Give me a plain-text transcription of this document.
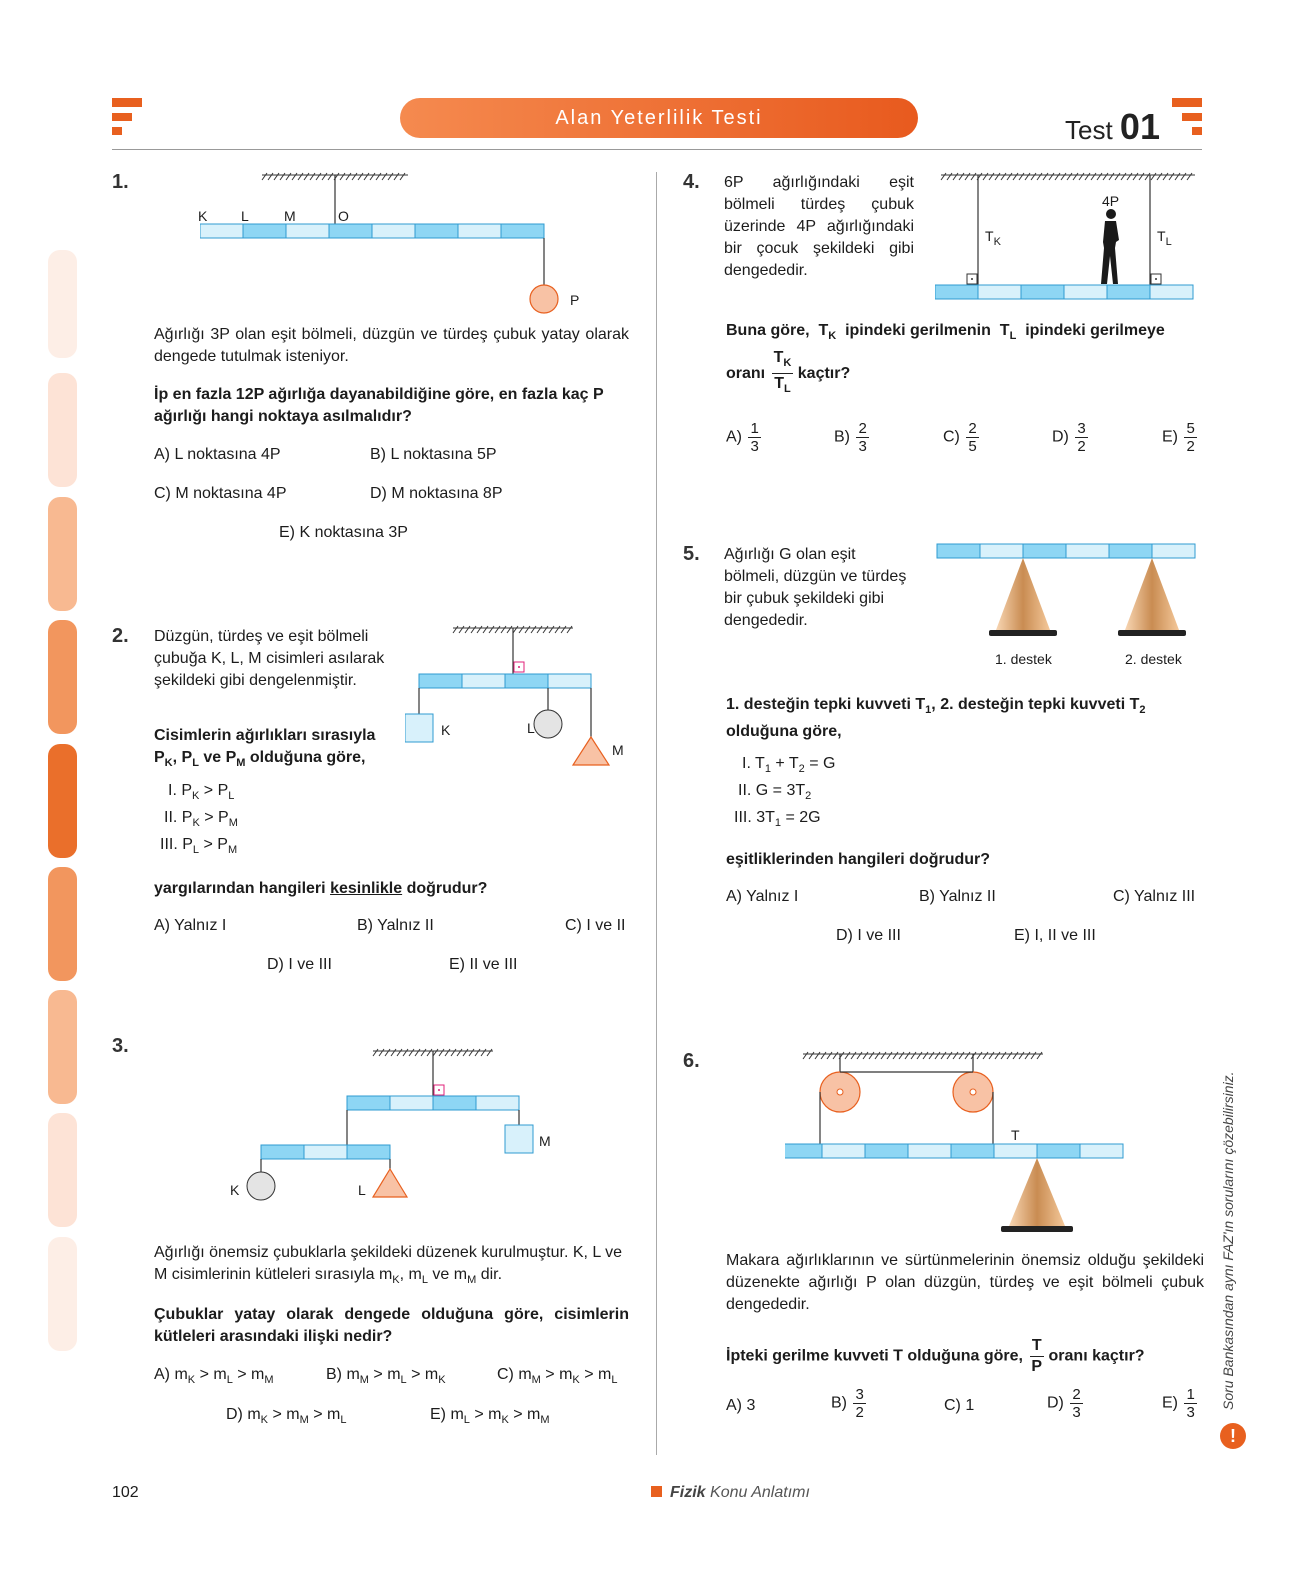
Alan Yeterlilik Testi	Test 01
1.
K L	M	O
P
Ağırlığı 3P olan eşit bölmeli, düzgün ve türdeş çubuk yatay olarak dengede tutulmak isteniyor.
İp en fazla 12P ağırlığa dayanabildiğine göre, en fazla kaç P ağırlığı hangi noktaya asılmalıdır?
A) L noktasına 4P	B) L noktasına 5P
C) M noktasına 4P	D) M noktasına 8P
E) K noktasına 3P
2. Düzgün, türdeş ve eşit bölmeli çubuğa K, L, M cisimleri asılarak şekildeki gibi dengelenmiştir.
K	L
M
Cisimlerin ağırlıkları sırasıyla
$P_K$, $P_L$ ve $P_M$ olduğuna göre,
I. $P_K > P_L$
II. $P_K > P_M$
III. $P_L > P_M$
yargılarından hangileri kesinlikle doğrudur?
A) Yalnız I	B) Yalnız II	C) I ve II
D) I ve III	E) II ve III
3.
K	L
M
Ağırlığı önemsiz çubuklarla şekildeki düzenek kurulmuştur. K, L ve M cisimlerinin kütleleri sırasıyla $m_K$, $m_L$ ve $m_M$ dir.
Çubuklar yatay olarak dengede olduğuna göre, cisimlerin kütleleri arasındaki ilişki nedir?
A) $m_K > m_L > m_M$	B) $m_M > m_L > m_K$	C) $m_M > m_K > m_L$
D) $m_K > m_M > m_L$	E) $m_L > m_K > m_M$
4. 6P ağırlığındaki eşit bölmeli türdeş çubuk üzerinde 4P ağırlığındaki bir çocuk şekildeki gibi dengededir.
4P
$T_K$	$T_L$
Buna göre,  $T_K$ ipindeki gerilmenin  $T_L$ ipindeki gerilmeye
oranı $\frac{T_K}{T_L}$ kaçtır?
$A) \frac{1}{3}$	$B) \frac{2}{3}$	$C) \frac{2}{5}$	$D) \frac{3}{2}$	$E) \frac{5}{2}$
5. Ağırlığı G olan eşit bölmeli, düzgün ve türdeş bir çubuk şekildeki gibi dengededir.
1. destek	2. destek
1. desteğin tepki kuvveti $T_1$, 2. desteğin tepki kuvveti $T_2$ olduğuna göre,
I. $T_1 + T_2 = G$
II. $G = 3T_2$
III. $3T_1 = 2G$
eşitliklerinden hangileri doğrudur?
A) Yalnız I	B) Yalnız II	C) Yalnız III
D) I ve III	E) I, II ve III
6.
T
Makara ağırlıklarının ve sürtünmelerinin önemsiz olduğu şekildeki düzenekte ağırlığı P olan düzgün, türdeş ve eşit bölmeli çubuk dengededir.
İpteki gerilme kuvveti T olduğuna göre, $\frac{T}{P}$ oranı kaçtır?
A) 3	$B) \frac{3}{2}$	C) 1	$D) \frac{2}{3}$	$E) \frac{1}{3}$ Soru Bankasından aynı FAZ'ın sorularını çözebilirsiniz.
!
102	Fizik Konu Anlatımı
